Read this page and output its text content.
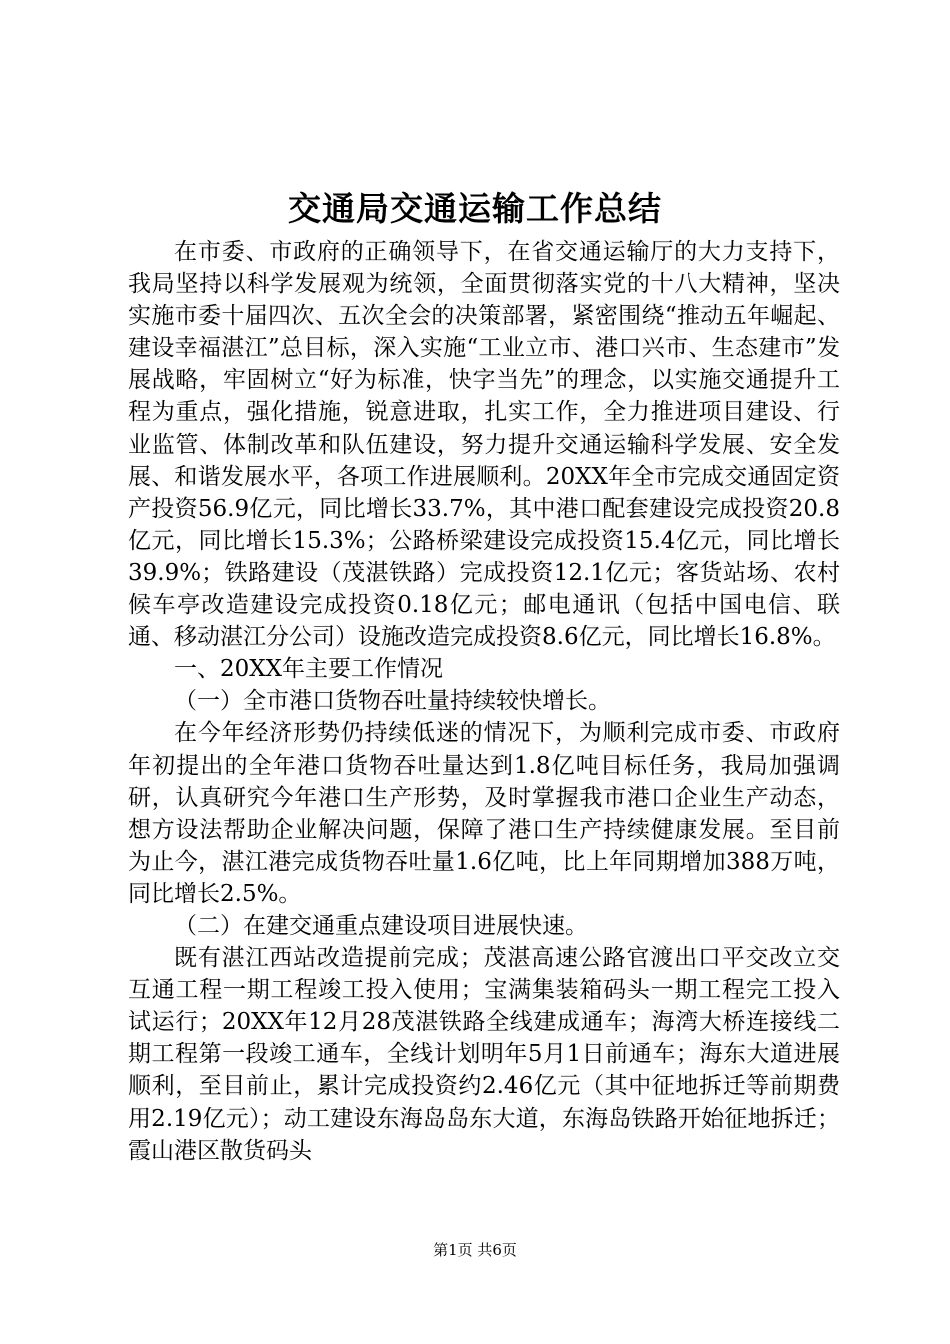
交通局交通运输工作总结

在市委、市政府的正确领导下，在省交通运输厅的大力支持下，我局坚持以科学发展观为统领，全面贯彻落实党的十八大精神，坚决实施市委十届四次、五次全会的决策部署，紧密围绕“推动五年崛起、建设幸福湛江”总目标，深入实施“工业立市、港口兴市、生态建市”发展战略，牢固树立“好为标准，快字当先”的理念，以实施交通提升工程为重点，强化措施，锐意进取，扎实工作，全力推进项目建设、行业监管、体制改革和队伍建设，努力提升交通运输科学发展、安全发展、和谐发展水平，各项工作进展顺利。20XX年全市完成交通固定资产投资56.9亿元，同比增长33.7%，其中港口配套建设完成投资20.8亿元，同比增长15.3%；公路桥梁建设完成投资15.4亿元，同比增长39.9%；铁路建设（茂湛铁路）完成投资12.1亿元；客货站场、农村候车亭改造建设完成投资0.18亿元；邮电通讯（包括中国电信、联通、移动湛江分公司）设施改造完成投资8.6亿元，同比增长16.8%。

一、20XX年主要工作情况

（一）全市港口货物吞吐量持续较快增长。

在今年经济形势仍持续低迷的情况下，为顺利完成市委、市政府年初提出的全年港口货物吞吐量达到1.8亿吨目标任务，我局加强调研，认真研究今年港口生产形势，及时掌握我市港口企业生产动态，想方设法帮助企业解决问题，保障了港口生产持续健康发展。至目前为止今，湛江港完成货物吞吐量1.6亿吨，比上年同期增加388万吨，同比增长2.5%。

（二）在建交通重点建设项目进展快速。

既有湛江西站改造提前完成；茂湛高速公路官渡出口平交改立交互通工程一期工程竣工投入使用；宝满集装箱码头一期工程完工投入试运行；20XX年12月28茂湛铁路全线建成通车；海湾大桥连接线二期工程第一段竣工通车，全线计划明年5月1日前通车；海东大道进展顺利，至目前止，累计完成投资约2.46亿元（其中征地拆迁等前期费用2.19亿元）；动工建设东海岛岛东大道，东海岛铁路开始征地拆迁；霞山港区散货码头

第1页 共6页
